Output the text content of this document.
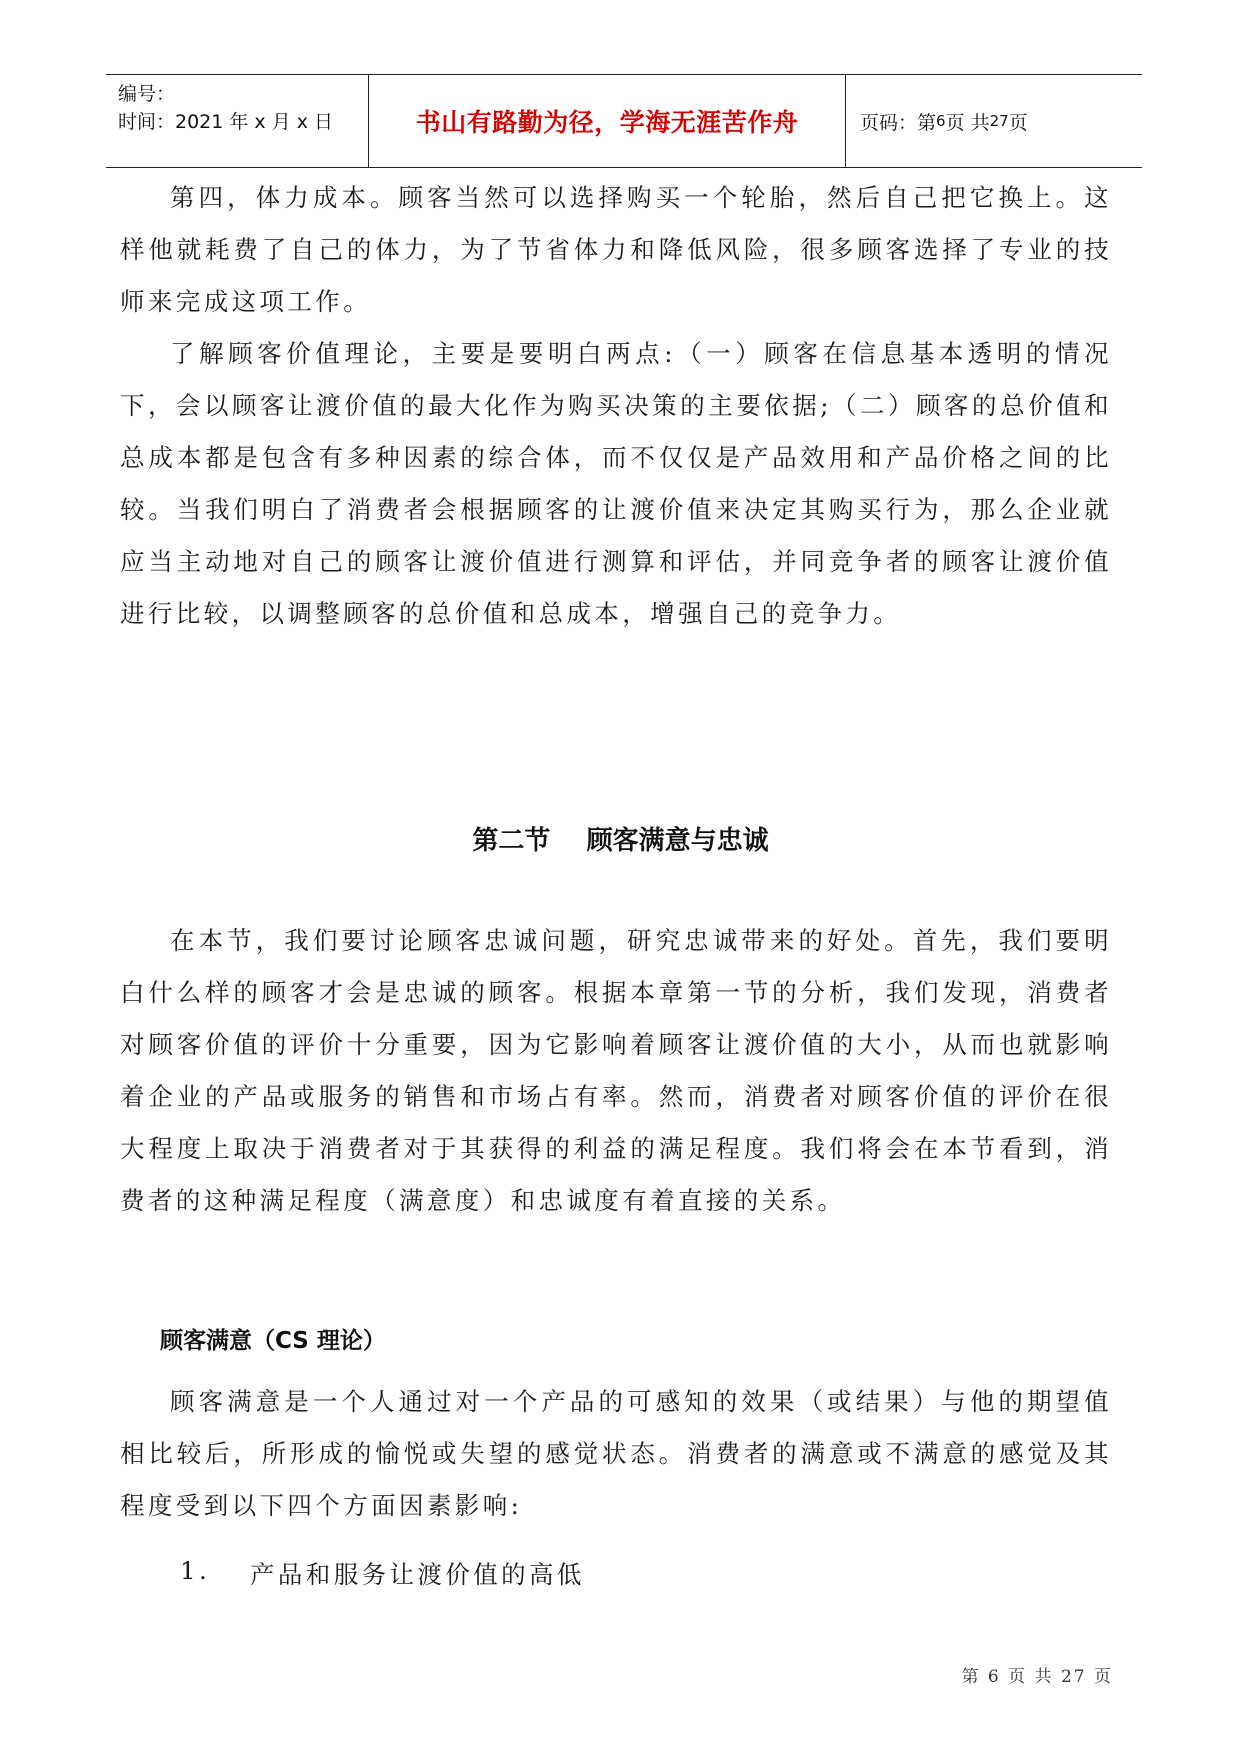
编号：
时间：2021 年 x 月 x 日	书山有路勤为径，学海无涯苦作舟	页码：第 6 页 共 27 页

第四，体力成本。顾客当然可以选择购买一个轮胎，然后自己把它换上。这样他就耗费了自己的体力，为了节省体力和降低风险，很多顾客选择了专业的技师来完成这项工作。

了解顾客价值理论，主要是要明白两点:（一）顾客在信息基本透明的情况下，会以顾客让渡价值的最大化作为购买决策的主要依据;（二）顾客的总价值和总成本都是包含有多种因素的综合体，而不仅仅是产品效用和产品价格之间的比较。当我们明白了消费者会根据顾客的让渡价值来决定其购买行为，那么企业就应当主动地对自己的顾客让渡价值进行测算和评估，并同竞争者的顾客让渡价值进行比较，以调整顾客的总价值和总成本，增强自己的竞争力。

第二节    顾客满意与忠诚

在本节，我们要讨论顾客忠诚问题，研究忠诚带来的好处。首先，我们要明白什么样的顾客才会是忠诚的顾客。根据本章第一节的分析，我们发现，消费者对顾客价值的评价十分重要，因为它影响着顾客让渡价值的大小，从而也就影响着企业的产品或服务的销售和市场占有率。然而，消费者对顾客价值的评价在很大程度上取决于消费者对于其获得的利益的满足程度。我们将会在本节看到，消费者的这种满足程度（满意度）和忠诚度有着直接的关系。

顾客满意（CS 理论）

顾客满意是一个人通过对一个产品的可感知的效果（或结果）与他的期望值相比较后，所形成的愉悦或失望的感觉状态。消费者的满意或不满意的感觉及其程度受到以下四个方面因素影响:

1.	产品和服务让渡价值的高低
第 6 页 共 27 页
